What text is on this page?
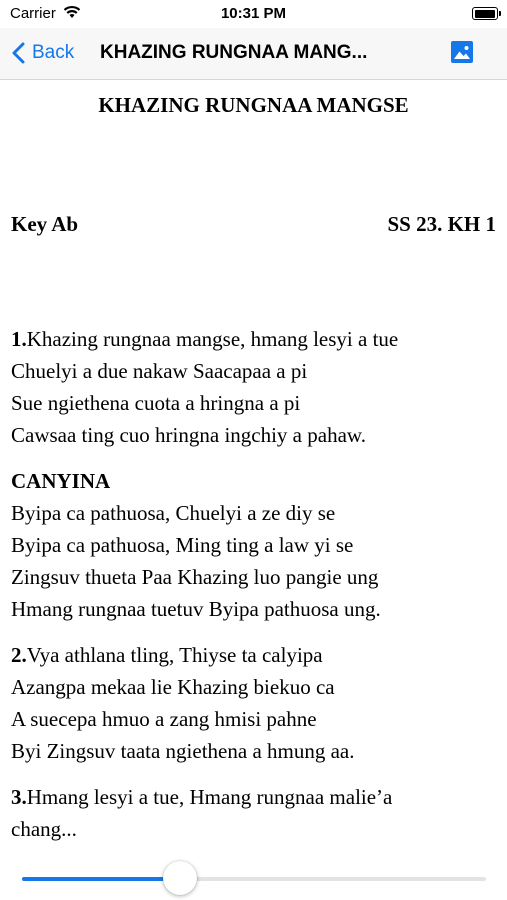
Carrier	10:31 PM
Back KHAZING RUNGNAA MANG...
KHAZING RUNGNAA MANGSE
Key Ab	SS 23. KH 1
1.Khazing rungnaa mangse, hmang lesyi a tue
Chuelyi a due nakaw Saacapaa a pi
Sue ngiethena cuota a hringna a pi
Cawsaa ting cuo hringna ingchiy a pahaw.
CANYINA
Byipa ca pathuosa, Chuelyi a ze diy se
Byipa ca pathuosa, Ming ting a law yi se
Zingsuv thueta Paa Khazing luo pangie ung
Hmang rungnaa tuetuv Byipa pathuosa ung.
2.Vya athlana tling, Thiyse ta calyipa
Azangpa mekaa lie Khazing biekuo ca
A suecepa hmuo a zang hmisi pahne
Byi Zingsuv taata ngiethena a hmung aa.
3.Hmang lesyi a tue, Hmang rungnaa malie’a
chang...
